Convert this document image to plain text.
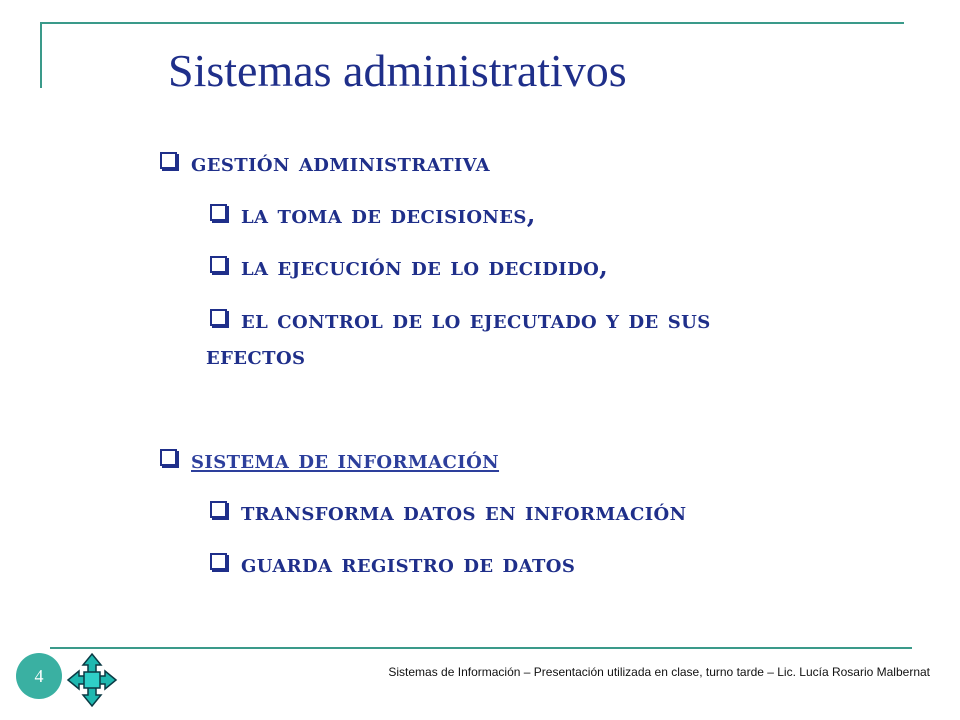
Sistemas administrativos
gestión administrativa
la toma de decisiones,
la ejecución de lo decidido,
el control de lo ejecutado y de sus
efectos
sistema de información
transforma datos en información
guarda registro de datos
4	Sistemas de Información – Presentación utilizada en clase, turno tarde – Lic. Lucía Rosario Malbernat
